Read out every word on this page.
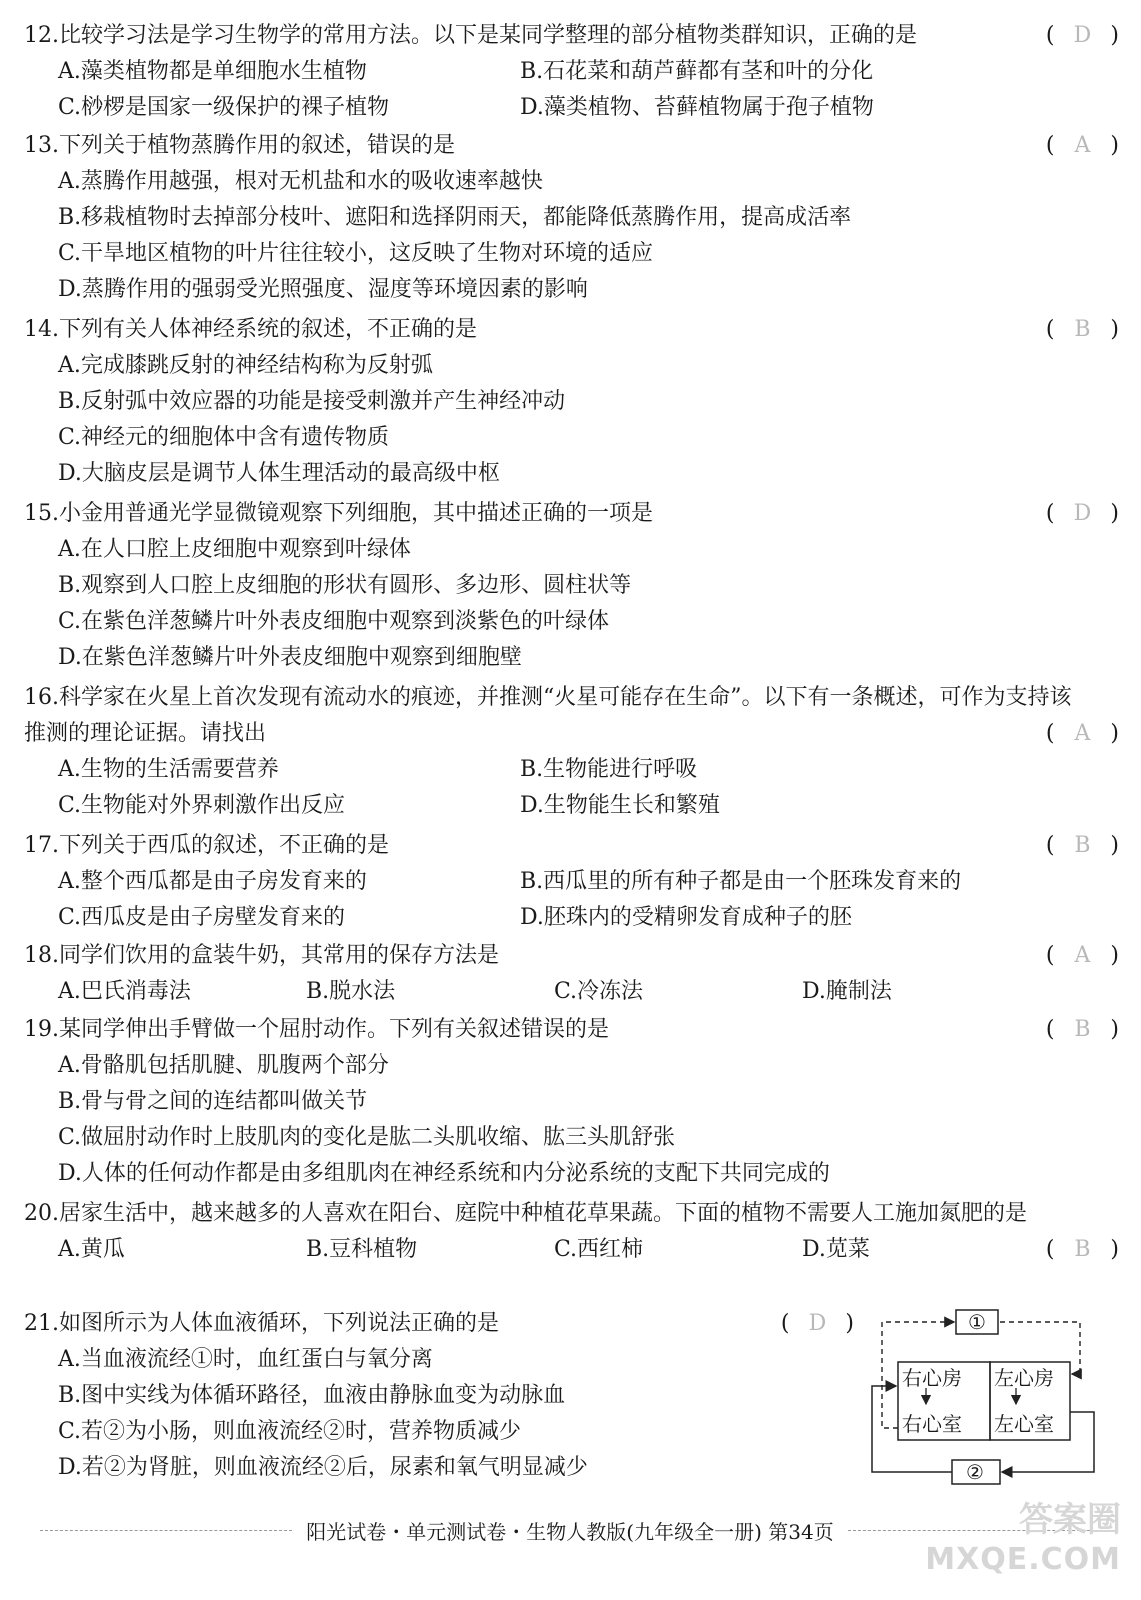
12.比较学习法是学习生物学的常用方法。以下是某同学整理的部分植物类群知识，正确的是	( D )
A.藻类植物都是单细胞水生植物	B.石花菜和葫芦藓都有茎和叶的分化
C.桫椤是国家一级保护的裸子植物	D.藻类植物、苔藓植物属于孢子植物
13.下列关于植物蒸腾作用的叙述，错误的是	( A )
A.蒸腾作用越强，根对无机盐和水的吸收速率越快
B.移栽植物时去掉部分枝叶、遮阳和选择阴雨天，都能降低蒸腾作用，提高成活率
C.干旱地区植物的叶片往往较小，这反映了生物对环境的适应
D.蒸腾作用的强弱受光照强度、湿度等环境因素的影响
14.下列有关人体神经系统的叙述，不正确的是	( B )
A.完成膝跳反射的神经结构称为反射弧
B.反射弧中效应器的功能是接受刺激并产生神经冲动
C.神经元的细胞体中含有遗传物质
D.大脑皮层是调节人体生理活动的最高级中枢
15.小金用普通光学显微镜观察下列细胞，其中描述正确的一项是	( D )
A.在人口腔上皮细胞中观察到叶绿体
B.观察到人口腔上皮细胞的形状有圆形、多边形、圆柱状等
C.在紫色洋葱鳞片叶外表皮细胞中观察到淡紫色的叶绿体
D.在紫色洋葱鳞片叶外表皮细胞中观察到细胞壁
16.科学家在火星上首次发现有流动水的痕迹，并推测“火星可能存在生命”。以下有一条概述，可作为支持该推测的理论证据。请找出	( A )
A.生物的生活需要营养	B.生物能进行呼吸
C.生物能对外界刺激作出反应	D.生物能生长和繁殖
17.下列关于西瓜的叙述，不正确的是	( B )
A.整个西瓜都是由子房发育来的	B.西瓜里的所有种子都是由一个胚珠发育来的
C.西瓜皮是由子房壁发育来的	D.胚珠内的受精卵发育成种子的胚
18.同学们饮用的盒装牛奶，其常用的保存方法是	( A )
A.巴氏消毒法	B.脱水法	C.冷冻法	D.腌制法
19.某同学伸出手臂做一个屈肘动作。下列有关叙述错误的是	( B )
A.骨骼肌包括肌腱、肌腹两个部分
B.骨与骨之间的连结都叫做关节
C.做屈肘动作时上肢肌肉的变化是肱二头肌收缩、肱三头肌舒张
D.人体的任何动作都是由多组肌肉在神经系统和内分泌系统的支配下共同完成的
20.居家生活中，越来越多的人喜欢在阳台、庭院中种植花草果蔬。下面的植物不需要人工施加氮肥的是
( B )
A.黄瓜	B.豆科植物	C.西红柿	D.苋菜
21.如图所示为人体血液循环，下列说法正确的是	( D )
A.当血液流经①时，血红蛋白与氧分离
B.图中实线为体循环路径，血液由静脉血变为动脉血
C.若②为小肠，则血液流经②时，营养物质减少
D.若②为肾脏，则血液流经②后，尿素和氧气明显减少
①
②
右心房 左心房
右心室 左心室
阳光试卷・单元测试卷・生物人教版(九年级全一册) 第34页	答案圈
MXQE.COM
